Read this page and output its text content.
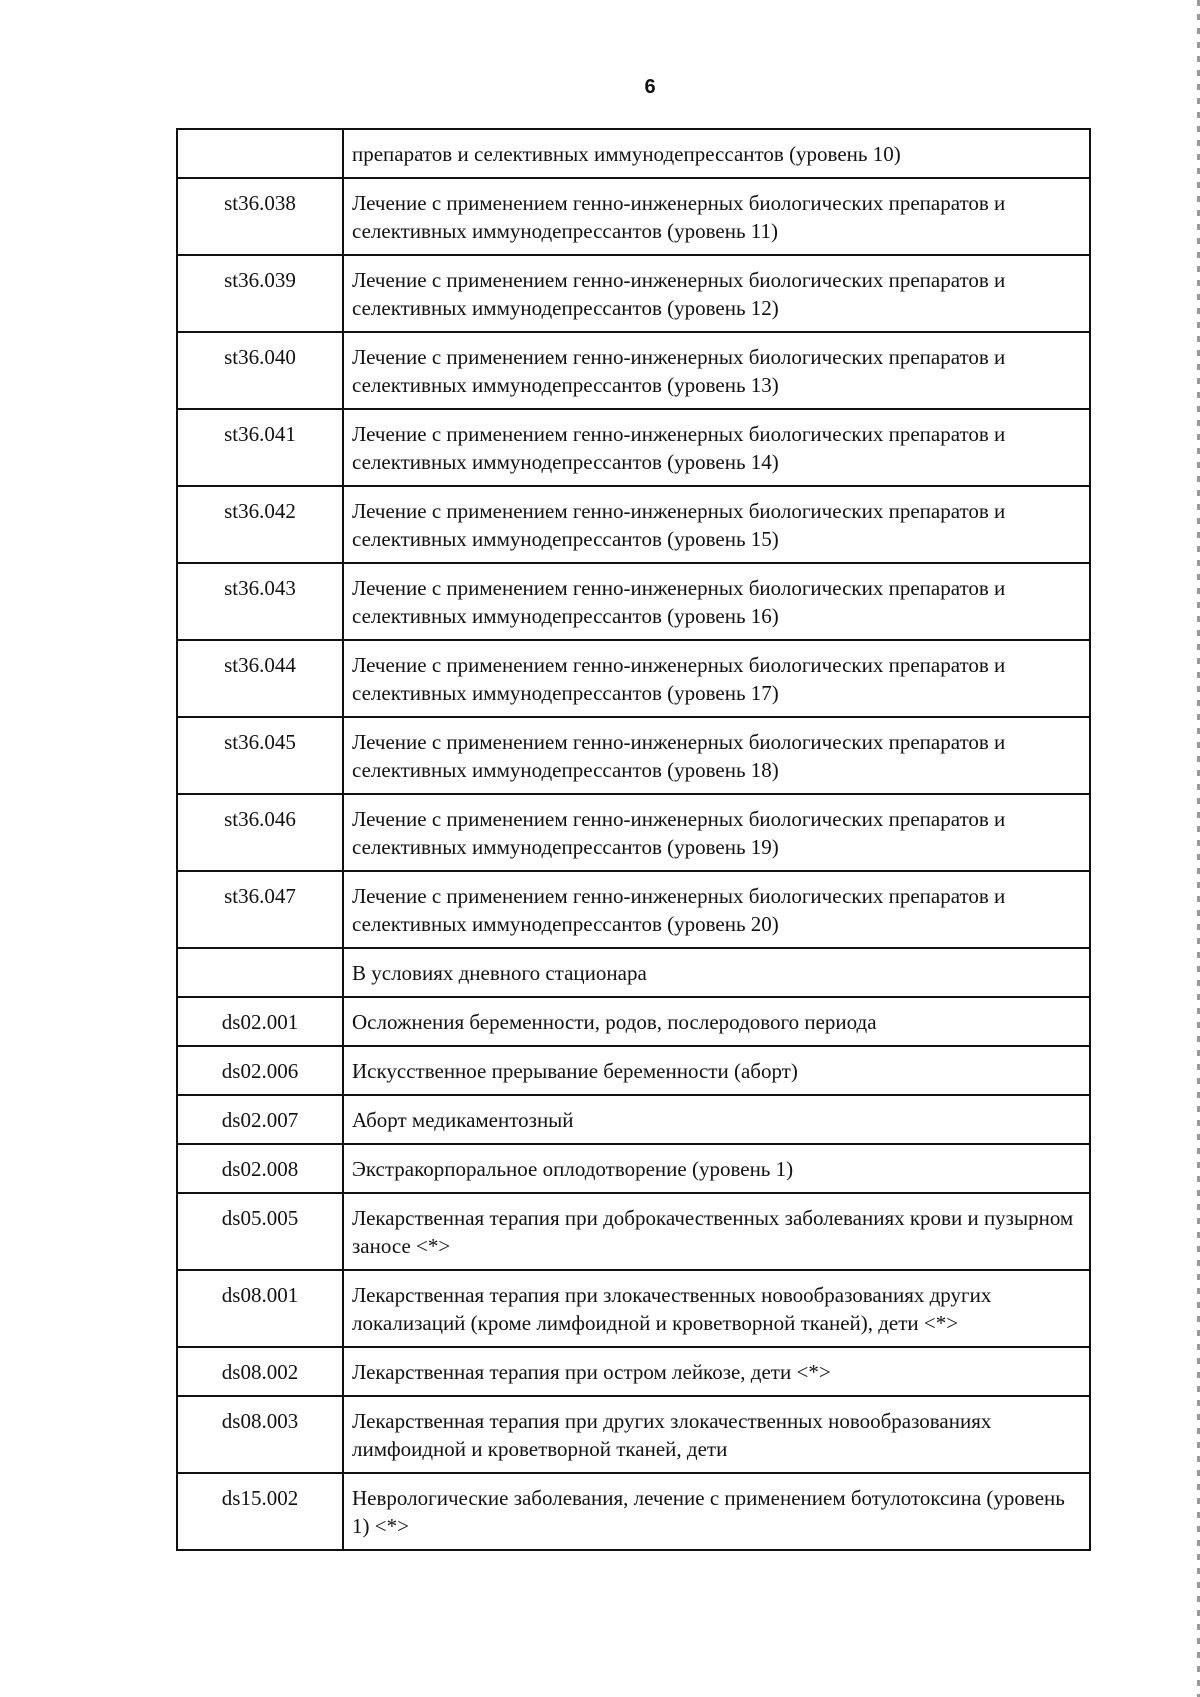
6
	препаратов и селективных иммунодепрессантов (уровень 10)
st36.038	Лечение с применением генно-инженерных биологических препаратов и селективных иммунодепрессантов (уровень 11)
st36.039	Лечение с применением генно-инженерных биологических препаратов и селективных иммунодепрессантов (уровень 12)
st36.040	Лечение с применением генно-инженерных биологических препаратов и селективных иммунодепрессантов (уровень 13)
st36.041	Лечение с применением генно-инженерных биологических препаратов и селективных иммунодепрессантов (уровень 14)
st36.042	Лечение с применением генно-инженерных биологических препаратов и селективных иммунодепрессантов (уровень 15)
st36.043	Лечение с применением генно-инженерных биологических препаратов и селективных иммунодепрессантов (уровень 16)
st36.044	Лечение с применением генно-инженерных биологических препаратов и селективных иммунодепрессантов (уровень 17)
st36.045	Лечение с применением генно-инженерных биологических препаратов и селективных иммунодепрессантов (уровень 18)
st36.046	Лечение с применением генно-инженерных биологических препаратов и селективных иммунодепрессантов (уровень 19)
st36.047	Лечение с применением генно-инженерных биологических препаратов и селективных иммунодепрессантов (уровень 20)
	В условиях дневного стационара
ds02.001	Осложнения беременности, родов, послеродового периода
ds02.006	Искусственное прерывание беременности (аборт)
ds02.007	Аборт медикаментозный
ds02.008	Экстракорпоральное оплодотворение (уровень 1)
ds05.005	Лекарственная терапия при доброкачественных заболеваниях крови и пузырном заносе <*>
ds08.001	Лекарственная терапия при злокачественных новообразованиях других локализаций (кроме лимфоидной и кроветворной тканей), дети <*>
ds08.002	Лекарственная терапия при остром лейкозе, дети <*>
ds08.003	Лекарственная терапия при других злокачественных новообразованиях лимфоидной и кроветворной тканей, дети
ds15.002	Неврологические заболевания, лечение с применением ботулотоксина (уровень 1) <*>
